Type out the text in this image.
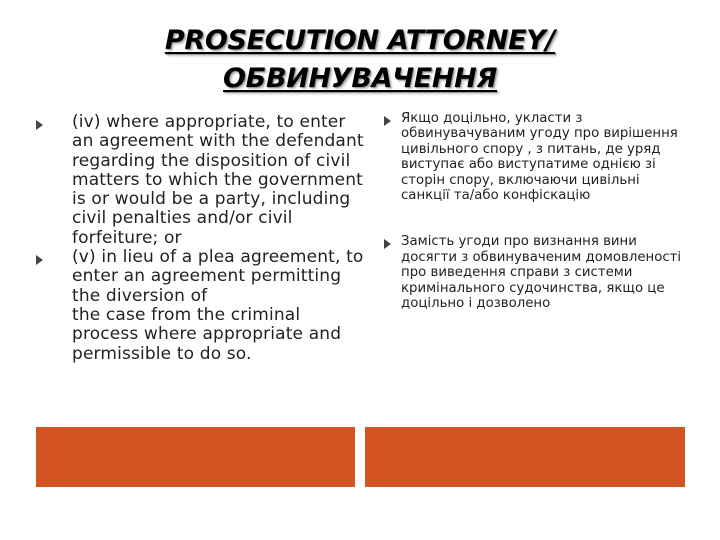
PROSECUTION ATTORNEY/
ОБВИНУВАЧЕННЯ
(iv) where appropriate, to enter an agreement with the defendant regarding the disposition of civil matters to which the government is or would be a party, including civil penalties and/or civil forfeiture; or
(v) in lieu of a plea agreement, to enter an agreement permitting the diversion of
the case from the criminal process where appropriate and permissible to do so.
Якщо доцільно, укласти з обвинувачуваним угоду про вирішення цивільного спору , з питань, де уряд виступає або виступатиме однією зі сторін спору, включаючи цивільні санкції та/або конфіскацію
Замість угоди про визнання вини досягти з обвинуваченим домовленості про виведення справи з системи кримінального судочинства, якщо це доцільно і дозволено
